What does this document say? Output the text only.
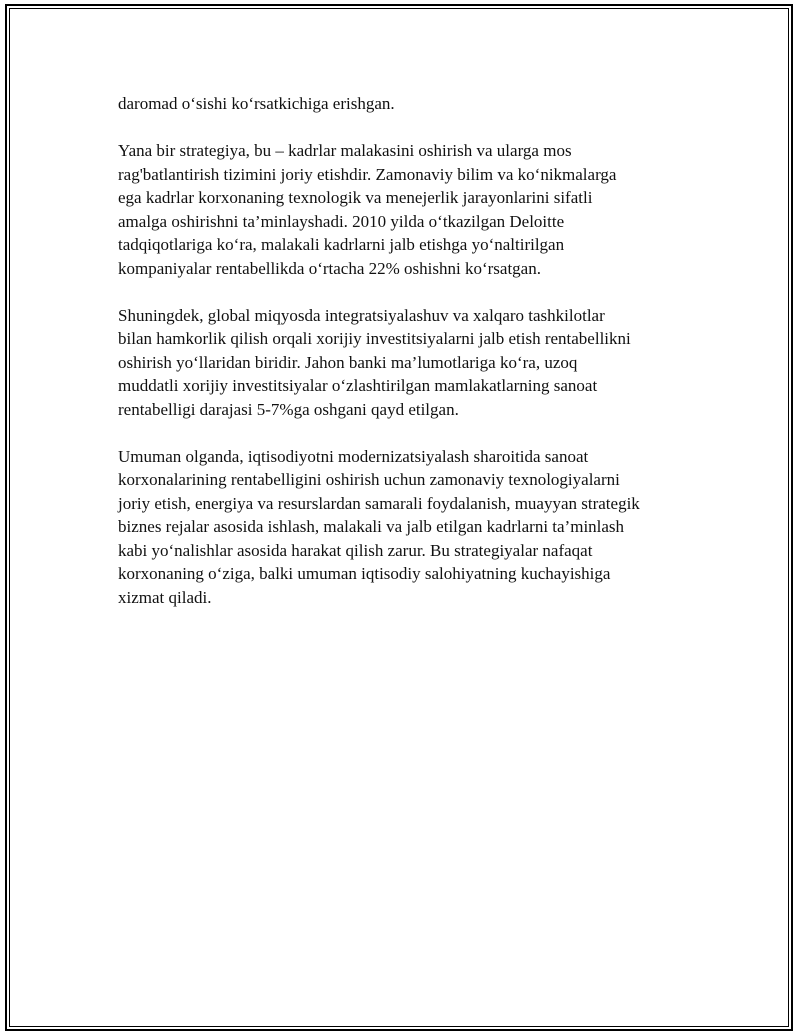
daromad o‘sishi ko‘rsatkichiga erishgan.

Yana bir strategiya, bu – kadrlar malakasini oshirish va ularga mos
rag'batlantirish tizimini joriy etishdir. Zamonaviy bilim va ko‘nikmalarga
ega kadrlar korxonaning texnologik va menejerlik jarayonlarini sifatli
amalga oshirishni ta’minlayshadi. 2010 yilda o‘tkazilgan Deloitte
tadqiqotlariga ko‘ra, malakali kadrlarni jalb etishga yo‘naltirilgan
kompaniyalar rentabellikda o‘rtacha 22% oshishni ko‘rsatgan.

Shuningdek, global miqyosda integratsiyalashuv va xalqaro tashkilotlar
bilan hamkorlik qilish orqali xorijiy investitsiyalarni jalb etish rentabellikni
oshirish yo‘llaridan biridir. Jahon banki ma’lumotlariga ko‘ra, uzoq
muddatli xorijiy investitsiyalar o‘zlashtirilgan mamlakatlarning sanoat
rentabelligi darajasi 5-7%ga oshgani qayd etilgan.

Umuman olganda, iqtisodiyotni modernizatsiyalash sharoitida sanoat
korxonalarining rentabelligini oshirish uchun zamonaviy texnologiyalarni
joriy etish, energiya va resurslardan samarali foydalanish, muayyan strategik
biznes rejalar asosida ishlash, malakali va jalb etilgan kadrlarni ta’minlash
kabi yo‘nalishlar asosida harakat qilish zarur. Bu strategiyalar nafaqat
korxonaning o‘ziga, balki umuman iqtisodiy salohiyatning kuchayishiga
xizmat qiladi.
